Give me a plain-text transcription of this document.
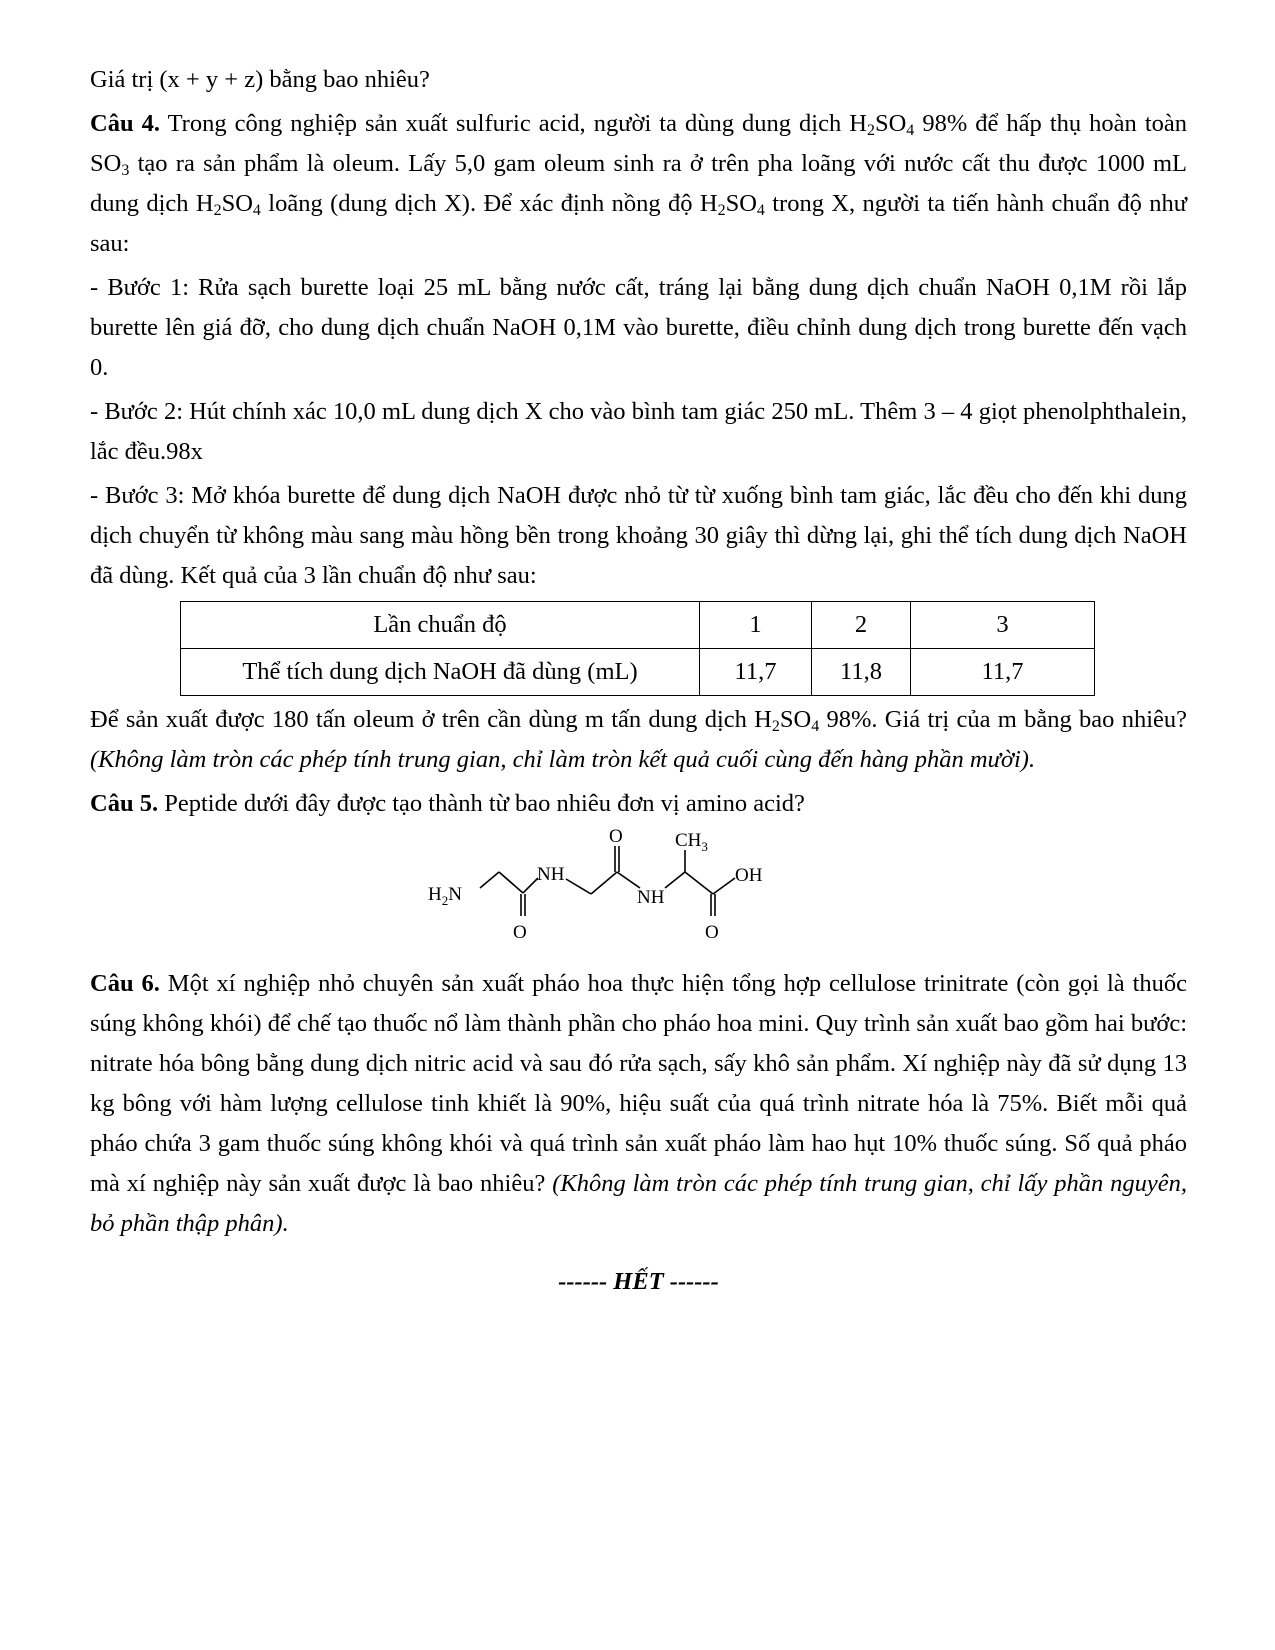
Giá trị (x + y + z) bằng bao nhiêu?

Câu 4. Trong công nghiệp sản xuất sulfuric acid, người ta dùng dung dịch $H_2SO_4$ 98% để hấp thụ hoàn toàn $SO_3$ tạo ra sản phẩm là oleum. Lấy 5,0 gam oleum sinh ra ở trên pha loãng với nước cất thu được 1000 mL dung dịch $H_2SO_4$ loãng (dung dịch X). Để xác định nồng độ $H_2SO_4$ trong X, người ta tiến hành chuẩn độ như sau:

- Bước 1: Rửa sạch burette loại 25 mL bằng nước cất, tráng lại bằng dung dịch chuẩn NaOH 0,1M rồi lắp burette lên giá đỡ, cho dung dịch chuẩn NaOH 0,1M vào burette, điều chỉnh dung dịch trong burette đến vạch 0.

- Bước 2: Hút chính xác 10,0 mL dung dịch X cho vào bình tam giác 250 mL. Thêm 3 – 4 giọt phenolphthalein, lắc đều.98x

- Bước 3: Mở khóa burette để dung dịch NaOH được nhỏ từ từ xuống bình tam giác, lắc đều cho đến khi dung dịch chuyển từ không màu sang màu hồng bền trong khoảng 30 giây thì dừng lại, ghi thể tích dung dịch NaOH đã dùng. Kết quả của 3 lần chuẩn độ như sau:

Lần chuẩn độ	1	2	3
Thể tích dung dịch NaOH đã dùng (mL)	11,7	11,8	11,7

Để sản xuất được 180 tấn oleum ở trên cần dùng m tấn dung dịch $H_2SO_4$ 98%. Giá trị của m bằng bao nhiêu? (Không làm tròn các phép tính trung gian, chỉ làm tròn kết quả cuối cùng đến hàng phần mười).

Câu 5. Peptide dưới đây được tạo thành từ bao nhiêu đơn vị amino acid?

$H_2N$
NH
O
O
NH
$CH_3$
OH
O

Câu 6. Một xí nghiệp nhỏ chuyên sản xuất pháo hoa thực hiện tổng hợp cellulose trinitrate (còn gọi là thuốc súng không khói) để chế tạo thuốc nổ làm thành phần cho pháo hoa mini. Quy trình sản xuất bao gồm hai bước: nitrate hóa bông bằng dung dịch nitric acid và sau đó rửa sạch, sấy khô sản phẩm. Xí nghiệp này đã sử dụng 13 kg bông với hàm lượng cellulose tinh khiết là 90%, hiệu suất của quá trình nitrate hóa là 75%. Biết mỗi quả pháo chứa 3 gam thuốc súng không khói và quá trình sản xuất pháo làm hao hụt 10% thuốc súng. Số quả pháo mà xí nghiệp này sản xuất được là bao nhiêu? (Không làm tròn các phép tính trung gian, chỉ lấy phần nguyên, bỏ phần thập phân).

------ HẾT ------
